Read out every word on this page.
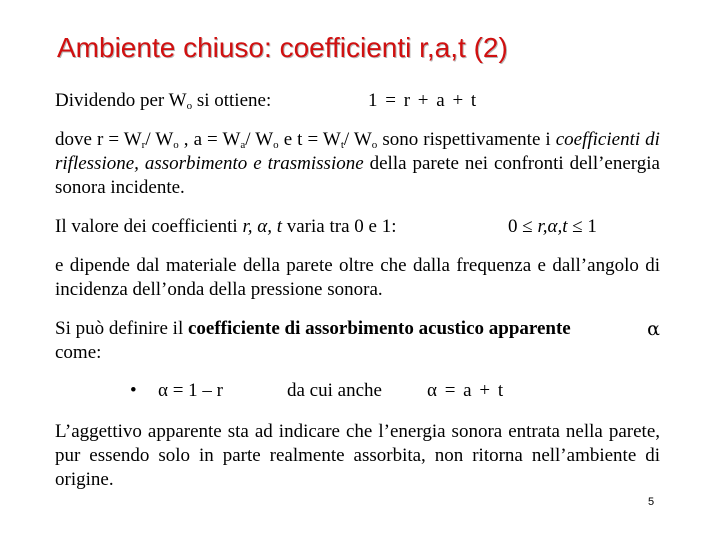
Ambiente chiuso: coefficienti r,a,t (2)
Dividendo per $W_o$ si ottiene:	1 = r + a + t
dove $r = W_r/$ $W_o$ , $a = W_a/$ $W_o$ e $t = W_t/$ $W_o$ sono rispettivamente i coefficienti di riflessione, assorbimento e trasmissione della parete nei confronti dell’energia sonora incidente.
Il valore dei coefficienti r, α, t varia tra 0 e 1:	0 ≤ r,α,t ≤ 1
e dipende dal materiale della parete oltre che dalla frequenza e dall’angolo di incidenza dell’onda della pressione sonora.
Si può definire il coefficiente di assorbimento acustico apparente	α

come:
• α = 1 – r	da cui anche α = a + t
L’aggettivo apparente sta ad indicare che l’energia sonora entrata nella parete, pur essendo solo in parte realmente assorbita, non ritorna nell’ambiente di origine.
5
